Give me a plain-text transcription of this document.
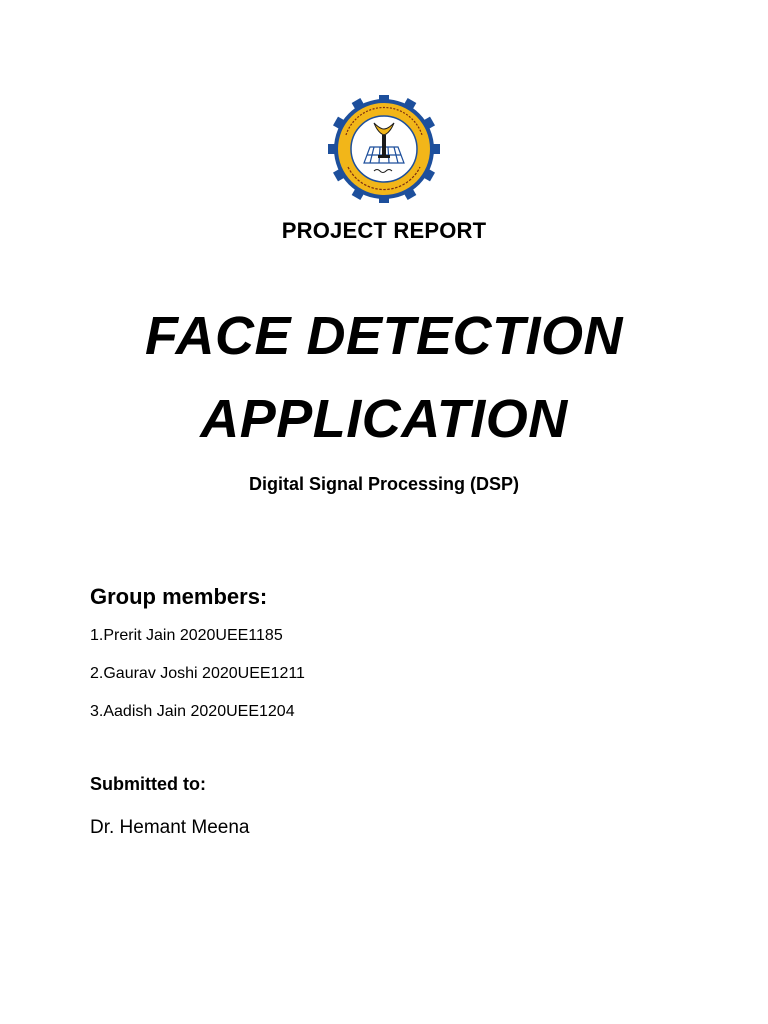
PROJECT REPORT
FACE DETECTION
APPLICATION
Digital Signal Processing (DSP)
Group members:
1.Prerit Jain 2020UEE1185
2.Gaurav Joshi 2020UEE1211
3.Aadish Jain 2020UEE1204
Submitted to:
Dr. Hemant Meena
